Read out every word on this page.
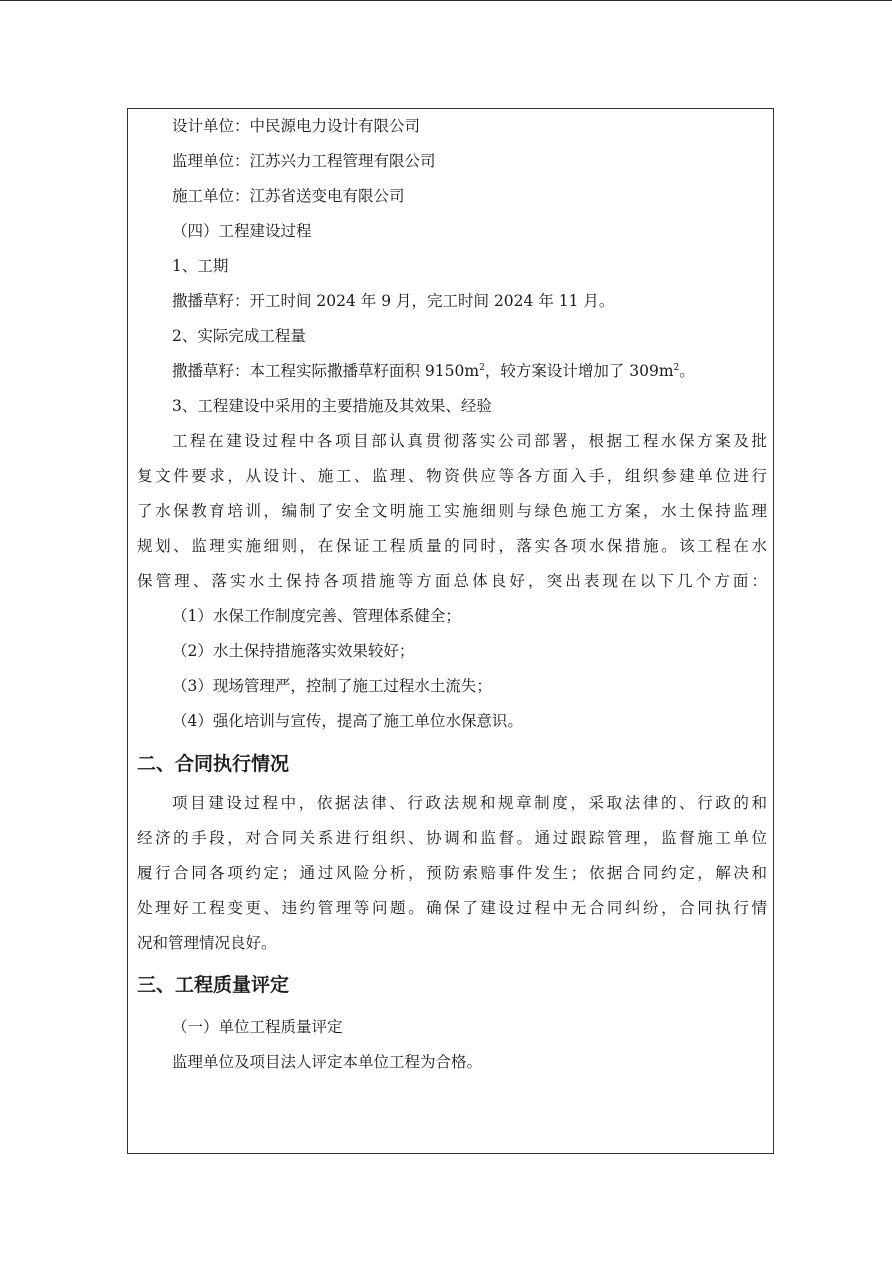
设计单位：中民源电力设计有限公司
监理单位：江苏兴力工程管理有限公司
施工单位：江苏省送变电有限公司
（四）工程建设过程
1、工期
撒播草籽：开工时间 2024 年 9 月，完工时间 2024 年 11 月。
2、实际完成工程量
撒播草籽：本工程实际撒播草籽面积 $9150m^2$，较方案设计增加了 $309m^2$。
3、工程建设中采用的主要措施及其效果、经验
工程在建设过程中各项目部认真贯彻落实公司部署，根据工程水保方案及批
复文件要求，从设计、施工、监理、物资供应等各方面入手，组织参建单位进行
了水保教育培训，编制了安全文明施工实施细则与绿色施工方案，水土保持监理
规划、监理实施细则，在保证工程质量的同时，落实各项水保措施。该工程在水
保管理、落实水土保持各项措施等方面总体良好，突出表现在以下几个方面：
（1）水保工作制度完善、管理体系健全；
（2）水土保持措施落实效果较好；
（3）现场管理严，控制了施工过程水土流失；
（4）强化培训与宣传，提高了施工单位水保意识。
二、合同执行情况
项目建设过程中，依据法律、行政法规和规章制度，采取法律的、行政的和
经济的手段，对合同关系进行组织、协调和监督。通过跟踪管理，监督施工单位
履行合同各项约定；通过风险分析，预防索赔事件发生；依据合同约定，解决和
处理好工程变更、违约管理等问题。确保了建设过程中无合同纠纷，合同执行情
况和管理情况良好。
三、工程质量评定
（一）单位工程质量评定
监理单位及项目法人评定本单位工程为合格。
